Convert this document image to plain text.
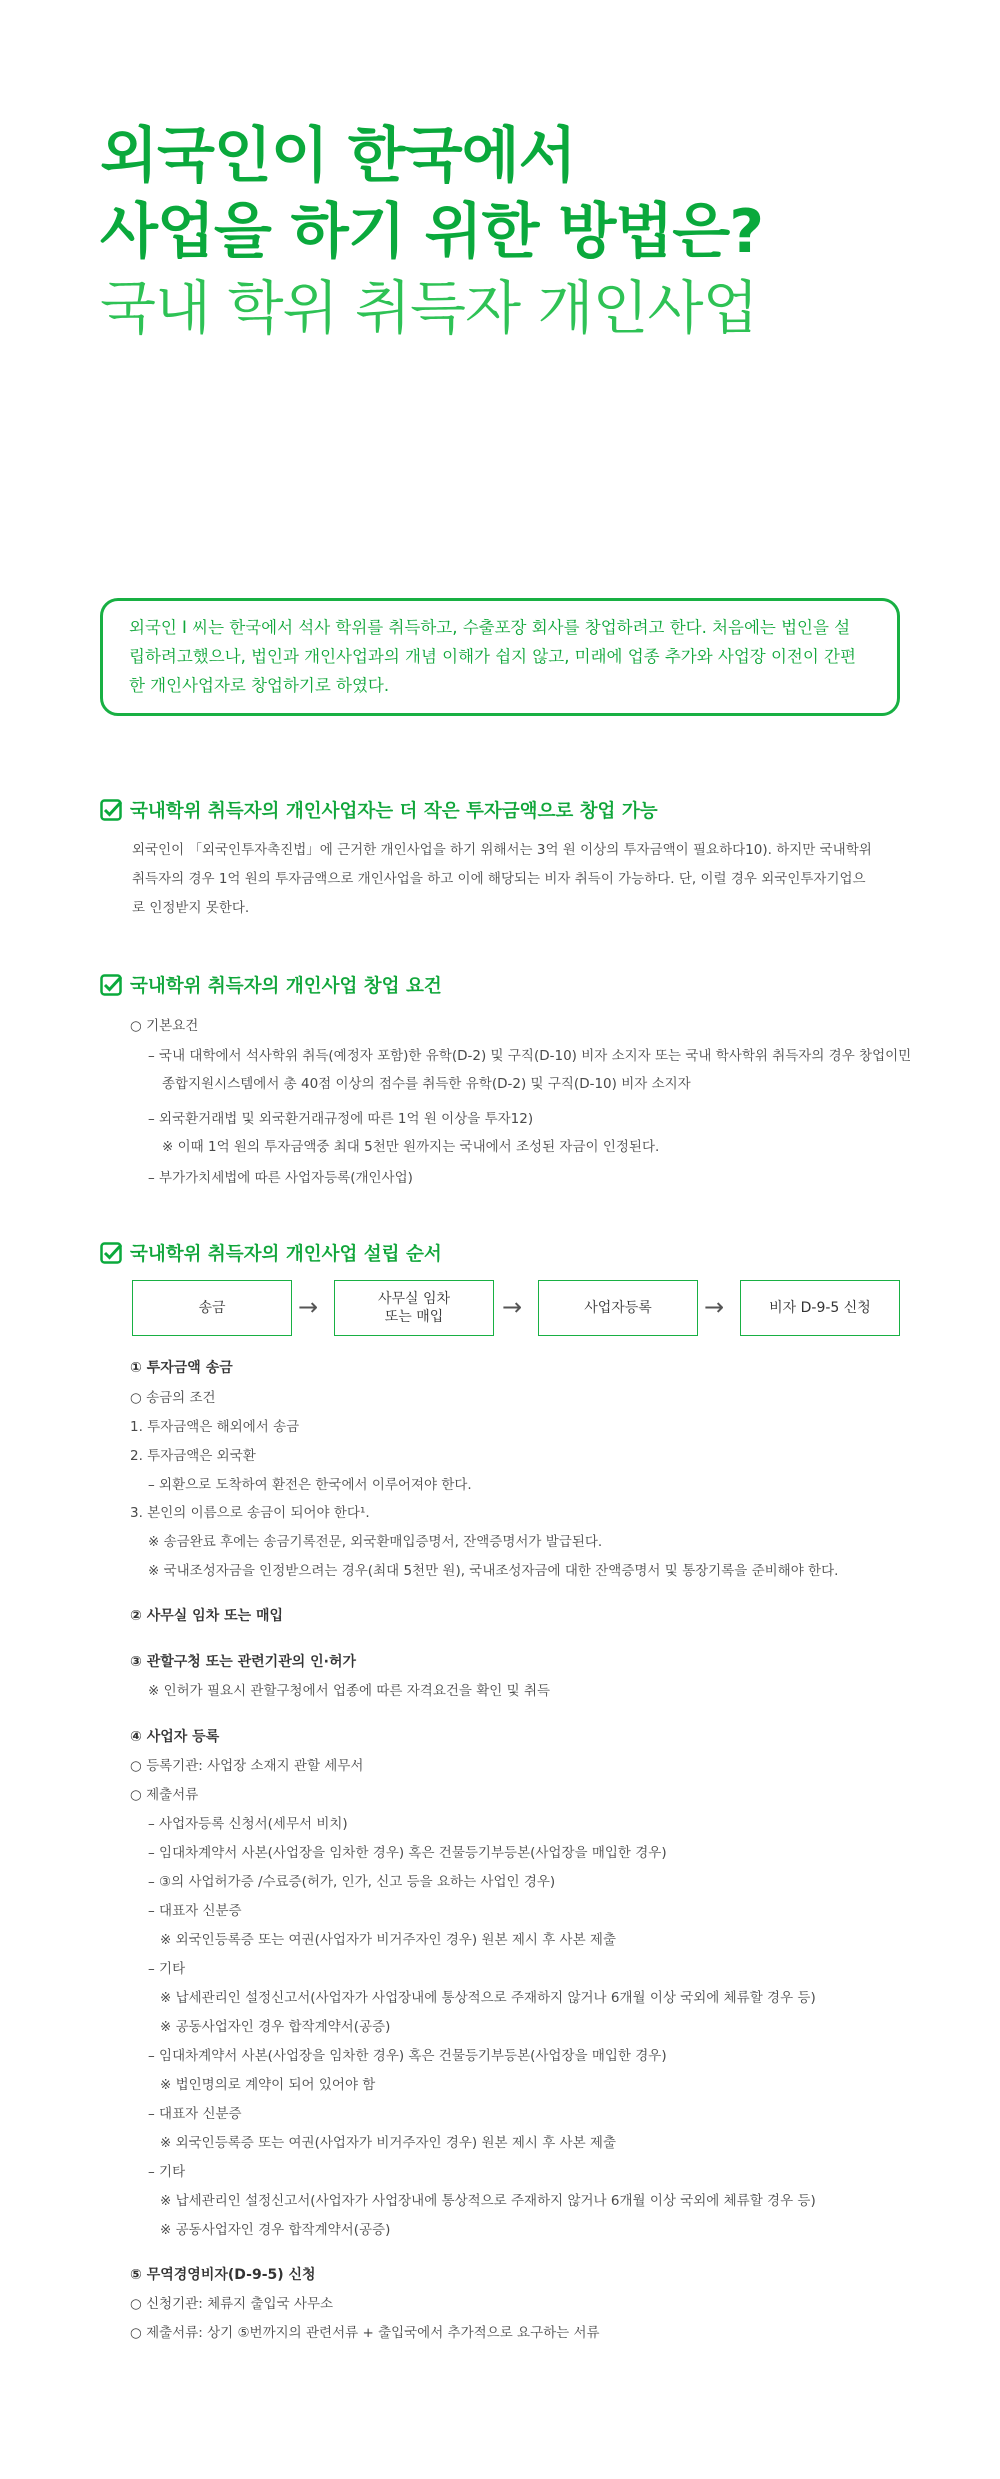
외국인이 한국에서
사업을 하기 위한 방법은?
국내 학위 취득자 개인사업
외국인 I 씨는 한국에서 석사 학위를 취득하고, 수출포장 회사를 창업하려고 한다. 처음에는 법인을 설
립하려고했으나, 법인과 개인사업과의 개념 이해가 쉽지 않고, 미래에 업종 추가와 사업장 이전이 간편
한 개인사업자로 창업하기로 하였다.
국내학위 취득자의 개인사업자는 더 작은 투자금액으로 창업 가능
외국인이 「외국인투자촉진법」에 근거한 개인사업을 하기 위해서는 3억 원 이상의 투자금액이 필요하다10). 하지만 국내학위
취득자의 경우 1억 원의 투자금액으로 개인사업을 하고 이에 해당되는 비자 취득이 가능하다. 단, 이럴 경우 외국인투자기업으
로 인정받지 못한다.
국내학위 취득자의 개인사업 창업 요건
○ 기본요건
– 국내 대학에서 석사학위 취득(예정자 포함)한 유학(D-2) 및 구직(D-10) 비자 소지자 또는 국내 학사학위 취득자의 경우 창업이민
종합지원시스템에서 총 40점 이상의 점수를 취득한 유학(D-2) 및 구직(D-10) 비자 소지자
– 외국환거래법 및 외국환거래규정에 따른 1억 원 이상을 투자12)
※ 이때 1억 원의 투자금액중 최대 5천만 원까지는 국내에서 조성된 자금이 인정된다.
– 부가가치세법에 따른 사업자등록(개인사업)
국내학위 취득자의 개인사업 설립 순서
송금	→	사무실 임차
또는 매입 →	사업자등록 →	비자 D-9-5 신청
① 투자금액 송금
○ 송금의 조건
1. 투자금액은 해외에서 송금
2. 투자금액은 외국환
– 외환으로 도착하여 환전은 한국에서 이루어져야 한다.
3. 본인의 이름으로 송금이 되어야 한다¹.
※ 송금완료 후에는 송금기록전문, 외국환매입증명서, 잔액증명서가 발급된다.
※ 국내조성자금을 인정받으려는 경우(최대 5천만 원), 국내조성자금에 대한 잔액증명서 및 통장기록을 준비해야 한다.
② 사무실 임차 또는 매입
③ 관할구청 또는 관련기관의 인·허가
※ 인허가 필요시 관할구청에서 업종에 따른 자격요건을 확인 및 취득
④ 사업자 등록
○ 등록기관: 사업장 소재지 관할 세무서
○ 제출서류
– 사업자등록 신청서(세무서 비치)
– 임대차계약서 사본(사업장을 임차한 경우) 혹은 건물등기부등본(사업장을 매입한 경우)
– ③의 사업허가증 /수료증(허가, 인가, 신고 등을 요하는 사업인 경우)
– 대표자 신분증
※ 외국인등록증 또는 여권(사업자가 비거주자인 경우) 원본 제시 후 사본 제출
– 기타
※ 납세관리인 설정신고서(사업자가 사업장내에 통상적으로 주재하지 않거나 6개월 이상 국외에 체류할 경우 등)
※ 공동사업자인 경우 합작계약서(공증)
– 임대차계약서 사본(사업장을 임차한 경우) 혹은 건물등기부등본(사업장을 매입한 경우)
※ 법인명의로 계약이 되어 있어야 함
– 대표자 신분증
※ 외국인등록증 또는 여권(사업자가 비거주자인 경우) 원본 제시 후 사본 제출
– 기타
※ 납세관리인 설정신고서(사업자가 사업장내에 통상적으로 주재하지 않거나 6개월 이상 국외에 체류할 경우 등)
※ 공동사업자인 경우 합작계약서(공증)
⑤ 무역경영비자(D-9-5) 신청
○ 신청기관: 체류지 출입국 사무소
○ 제출서류: 상기 ⑤번까지의 관련서류 + 출입국에서 추가적으로 요구하는 서류
